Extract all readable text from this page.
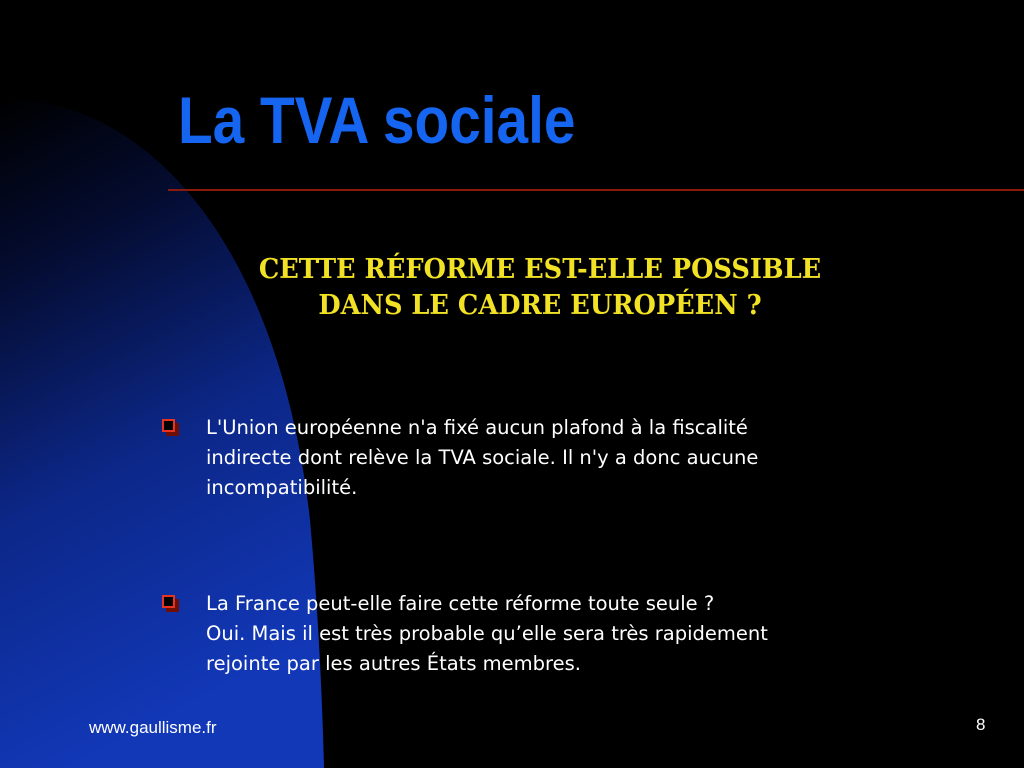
La TVA sociale
CETTE RÉFORME EST-ELLE POSSIBLE
DANS LE CADRE EUROPÉEN ?
L'Union européenne n'a fixé aucun plafond à la fiscalité
indirecte dont relève la TVA sociale. Il n'y a donc aucune
incompatibilité.
La France peut-elle faire cette réforme toute seule ?
Oui. Mais il est très probable qu’elle sera très rapidement
rejointe par les autres États membres.
www.gaullisme.fr	8
